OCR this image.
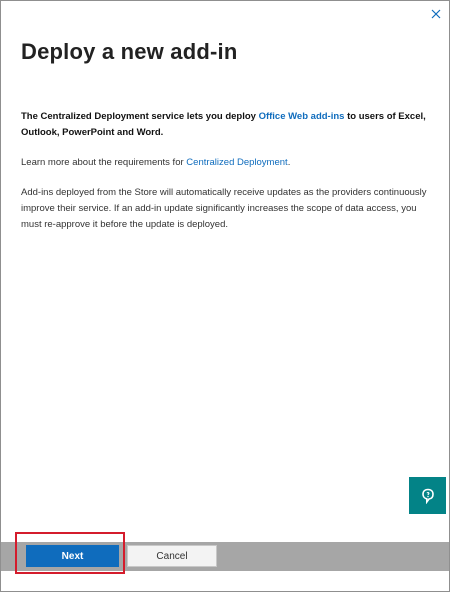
Deploy a new add-in

The Centralized Deployment service lets you deploy Office Web add-ins to users of Excel, Outlook, PowerPoint and Word.

Learn more about the requirements for Centralized Deployment.

Add-ins deployed from the Store will automatically receive updates as the providers continuously improve their service. If an add-in update significantly increases the scope of data access, you must re-approve it before the update is deployed.

Next	Cancel
